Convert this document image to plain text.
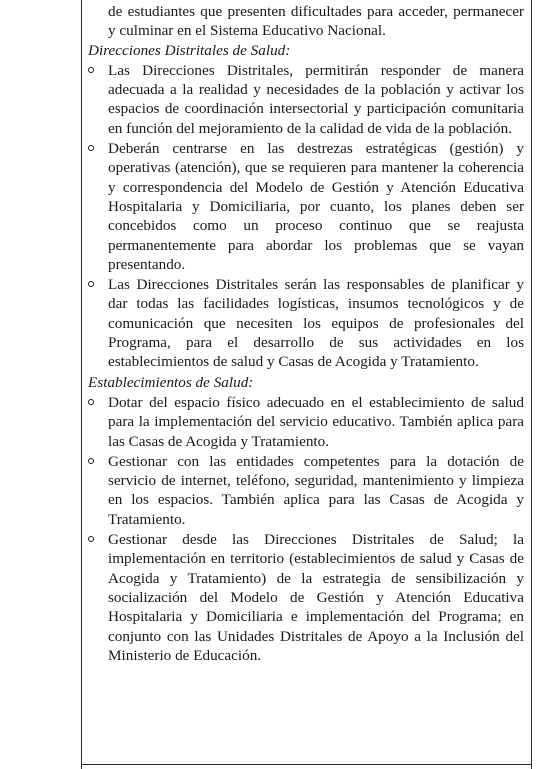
de estudiantes que presenten dificultades para acceder, permanecer y culminar en el Sistema Educativo Nacional.
Direcciones Distritales de Salud:
Las Direcciones Distritales, permitirán responder de manera adecuada a la realidad y necesidades de la población y activar los espacios de coordinación intersectorial y participación comunitaria en función del mejoramiento de la calidad de vida de la población.
Deberán centrarse en las destrezas estratégicas (gestión) y operativas (atención), que se requieren para mantener la coherencia y correspondencia del Modelo de Gestión y Atención Educativa Hospitalaria y Domiciliaria, por cuanto, los planes deben ser concebidos como un proceso continuo que se reajusta permanentemente para abordar los problemas que se vayan presentando.
Las Direcciones Distritales serán las responsables de planificar y dar todas las facilidades logísticas, insumos tecnológicos y de comunicación que necesiten los equipos de profesionales del Programa, para el desarrollo de sus actividades en los establecimientos de salud y Casas de Acogida y Tratamiento.
Establecimientos de Salud:
Dotar del espacio físico adecuado en el establecimiento de salud para la implementación del servicio educativo. También aplica para las Casas de Acogida y Tratamiento.
Gestionar con las entidades competentes para la dotación de servicio de internet, teléfono, seguridad, mantenimiento y limpieza en los espacios. También aplica para las Casas de Acogida y Tratamiento.
Gestionar desde las Direcciones Distritales de Salud; la implementación en territorio (establecimientos de salud y Casas de Acogida y Tratamiento) de la estrategia de sensibilización y socialización del Modelo de Gestión y Atención Educativa Hospitalaria y Domiciliaria e implementación del Programa; en conjunto con las Unidades Distritales de Apoyo a la Inclusión del Ministerio de Educación.
